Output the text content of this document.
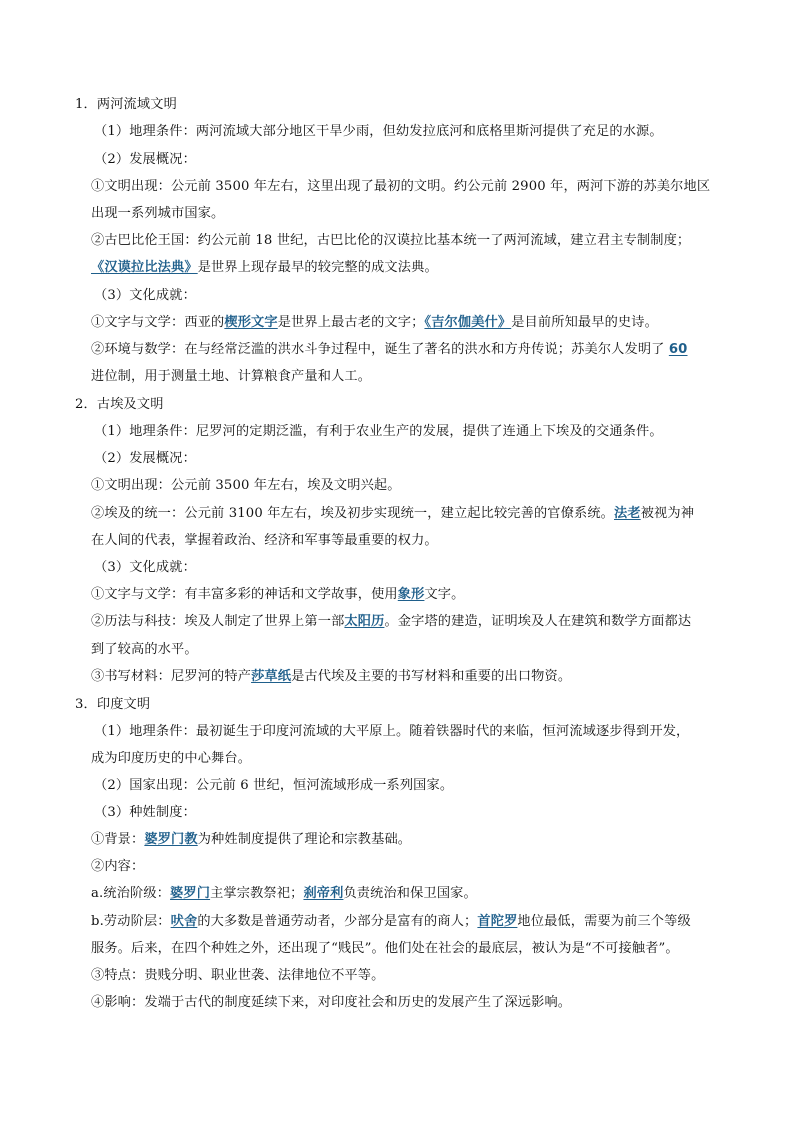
1．两河流域文明
（1）地理条件：两河流域大部分地区干旱少雨，但幼发拉底河和底格里斯河提供了充足的水源。
（2）发展概况：
①文明出现：公元前 3500 年左右，这里出现了最初的文明。约公元前 2900 年，两河下游的苏美尔地区
出现一系列城市国家。
②古巴比伦王国：约公元前 18 世纪，古巴比伦的汉谟拉比基本统一了两河流域，建立君主专制制度；
《汉谟拉比法典》是世界上现存最早的较完整的成文法典。
（3）文化成就：
①文字与文学：西亚的楔形文字是世界上最古老的文字；《吉尔伽美什》是目前所知最早的史诗。
②环境与数学：在与经常泛滥的洪水斗争过程中，诞生了著名的洪水和方舟传说；苏美尔人发明了 60
进位制，用于测量土地、计算粮食产量和人工。
2．古埃及文明
（1）地理条件：尼罗河的定期泛滥，有利于农业生产的发展，提供了连通上下埃及的交通条件。
（2）发展概况：
①文明出现：公元前 3500 年左右，埃及文明兴起。
②埃及的统一：公元前 3100 年左右，埃及初步实现统一，建立起比较完善的官僚系统。法老被视为神
在人间的代表，掌握着政治、经济和军事等最重要的权力。
（3）文化成就：
①文字与文学：有丰富多彩的神话和文学故事，使用象形文字。
②历法与科技：埃及人制定了世界上第一部太阳历。金字塔的建造，证明埃及人在建筑和数学方面都达
到了较高的水平。
③书写材料：尼罗河的特产莎草纸是古代埃及主要的书写材料和重要的出口物资。
3．印度文明
（1）地理条件：最初诞生于印度河流域的大平原上。随着铁器时代的来临，恒河流域逐步得到开发，
成为印度历史的中心舞台。
（2）国家出现：公元前 6 世纪，恒河流域形成一系列国家。
（3）种姓制度：
①背景：婆罗门教为种姓制度提供了理论和宗教基础。
②内容：
a.统治阶级：婆罗门主掌宗教祭祀；刹帝利负责统治和保卫国家。
b.劳动阶层：吠舍的大多数是普通劳动者，少部分是富有的商人；首陀罗地位最低，需要为前三个等级
服务。后来，在四个种姓之外，还出现了“贱民”。他们处在社会的最底层，被认为是“不可接触者”。
③特点：贵贱分明、职业世袭、法律地位不平等。
④影响：发端于古代的制度延续下来，对印度社会和历史的发展产生了深远影响。
